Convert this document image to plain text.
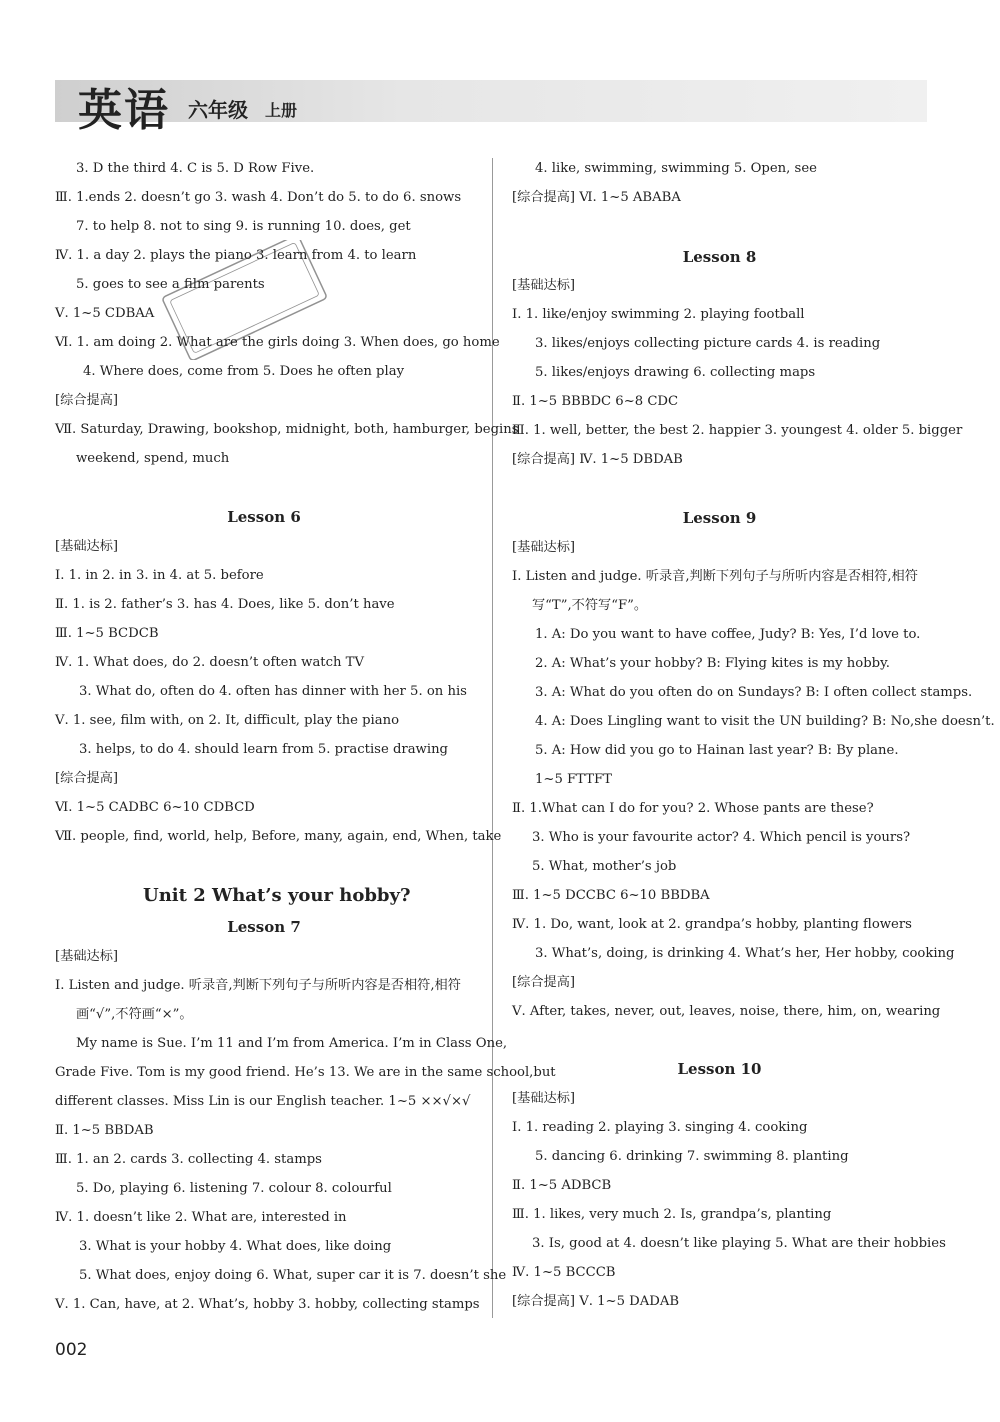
英语 六年级 上册
3. D the third 4. C is 5. D Row Five.
Ⅲ. 1.ends 2. doesn’t go 3. wash 4. Don’t do 5. to do 6. snows
7. to help 8. not to sing 9. is running 10. does, get
Ⅳ. 1. a day 2. plays the piano 3. learn from 4. to learn
5. goes to see a film parents
Ⅴ. 1~5 CDBAA
Ⅵ. 1. am doing 2. What are the girls doing 3. When does, go home
4. Where does, come from 5. Does he often play
[综合提高]
Ⅶ. Saturday, Drawing, bookshop, midnight, both, hamburger, begins
weekend, spend, much
Lesson 6
[基础达标]
Ⅰ. 1. in 2. in 3. in 4. at 5. before
Ⅱ. 1. is 2. father’s 3. has 4. Does, like 5. don’t have
Ⅲ. 1~5 BCDCB
Ⅳ. 1. What does, do 2. doesn’t often watch TV
3. What do, often do 4. often has dinner with her 5. on his
Ⅴ. 1. see, film with, on 2. It, difficult, play the piano
3. helps, to do 4. should learn from 5. practise drawing
[综合提高]
Ⅵ. 1~5 CADBC 6~10 CDBCD
Ⅶ. people, find, world, help, Before, many, again, end, When, take
Unit 2 What’s your hobby?
Lesson 7
[基础达标]
Ⅰ. Listen and judge. 听录音,判断下列句子与所听内容是否相符,相符
画“√”,不符画“×”。
My name is Sue. I’m 11 and I’m from America. I’m in Class One,
Grade Five. Tom is my good friend. He’s 13. We are in the same school,but
different classes. Miss Lin is our English teacher. 1~5 ××√×√
Ⅱ. 1~5 BBDAB
Ⅲ. 1. an 2. cards 3. collecting 4. stamps
5. Do, playing 6. listening 7. colour 8. colourful
Ⅳ. 1. doesn’t like 2. What are, interested in
3. What is your hobby 4. What does, like doing
5. What does, enjoy doing 6. What, super car it is 7. doesn’t she
Ⅴ. 1. Can, have, at 2. What’s, hobby 3. hobby, collecting stamps
4. like, swimming, swimming 5. Open, see
[综合提高] Ⅵ. 1~5 ABABA
Lesson 8
[基础达标]
Ⅰ. 1. like/enjoy swimming 2. playing football
3. likes/enjoys collecting picture cards 4. is reading
5. likes/enjoys drawing 6. collecting maps
Ⅱ. 1~5 BBBDC 6~8 CDC
Ⅲ. 1. well, better, the best 2. happier 3. youngest 4. older 5. bigger
[综合提高] Ⅳ. 1~5 DBDAB
Lesson 9
[基础达标]
Ⅰ. Listen and judge. 听录音,判断下列句子与所听内容是否相符,相符
写“T”,不符写“F”。
1. A: Do you want to have coffee, Judy? B: Yes, I’d love to.
2. A: What’s your hobby? B: Flying kites is my hobby.
3. A: What do you often do on Sundays? B: I often collect stamps.
4. A: Does Lingling want to visit the UN building? B: No,she doesn’t.
5. A: How did you go to Hainan last year? B: By plane.
1~5 FTTFT
Ⅱ. 1.What can I do for you? 2. Whose pants are these?
3. Who is your favourite actor? 4. Which pencil is yours?
5. What, mother’s job
Ⅲ. 1~5 DCCBC 6~10 BBDBA
Ⅳ. 1. Do, want, look at 2. grandpa’s hobby, planting flowers
3. What’s, doing, is drinking 4. What’s her, Her hobby, cooking
[综合提高]
Ⅴ. After, takes, never, out, leaves, noise, there, him, on, wearing
Lesson 10
[基础达标]
Ⅰ. 1. reading 2. playing 3. singing 4. cooking
5. dancing 6. drinking 7. swimming 8. planting
Ⅱ. 1~5 ADBCB
Ⅲ. 1. likes, very much 2. Is, grandpa’s, planting
3. Is, good at 4. doesn’t like playing 5. What are their hobbies
Ⅳ. 1~5 BCCCB
[综合提高] Ⅴ. 1~5 DADAB
002
